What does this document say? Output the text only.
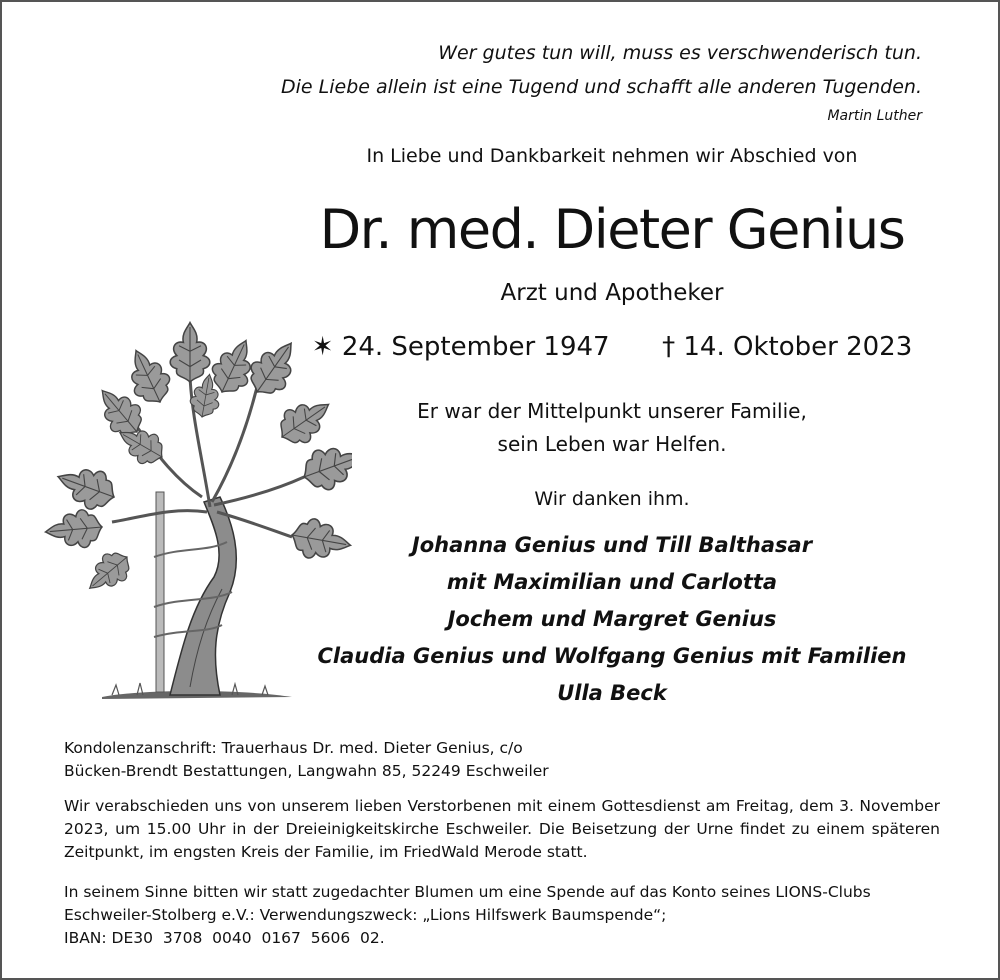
Wer gutes tun will, muss es verschwenderisch tun.
Die Liebe allein ist eine Tugend und schafft alle anderen Tugenden.
Martin Luther
In Liebe und Dankbarkeit nehmen wir Abschied von
Dr. med. Dieter Genius
Arzt und Apotheker
✶ 24. September 1947 † 14. Oktober 2023
Er war der Mittelpunkt unserer Familie,
sein Leben war Helfen.
Wir danken ihm.
Johanna Genius und Till Balthasar
mit Maximilian und Carlotta
Jochem und Margret Genius
Claudia Genius und Wolfgang Genius mit Familien
Ulla Beck

Kondolenzanschrift: Trauerhaus Dr. med. Dieter Genius, c/o

Bücken-Brendt Bestattungen, Langwahn 85, 52249 Eschweiler

Wir verabschieden uns von unserem lieben Verstorbenen mit einem Gottesdienst am Freitag, dem 3. November 2023, um 15.00 Uhr in der Dreieinigkeitskirche Eschweiler. Die Beisetzung der Urne findet zu einem späteren Zeitpunkt, im engsten Kreis der Familie, im FriedWald Merode statt.

In seinem Sinne bitten wir statt zugedachter Blumen um eine Spende auf das Konto seines LIONS-Clubs

Eschweiler-Stolberg e.V.: Verwendungszweck: „Lions Hilfswerk Baumspende“;

IBAN: DE30  3708  0040  0167  5606  02.
